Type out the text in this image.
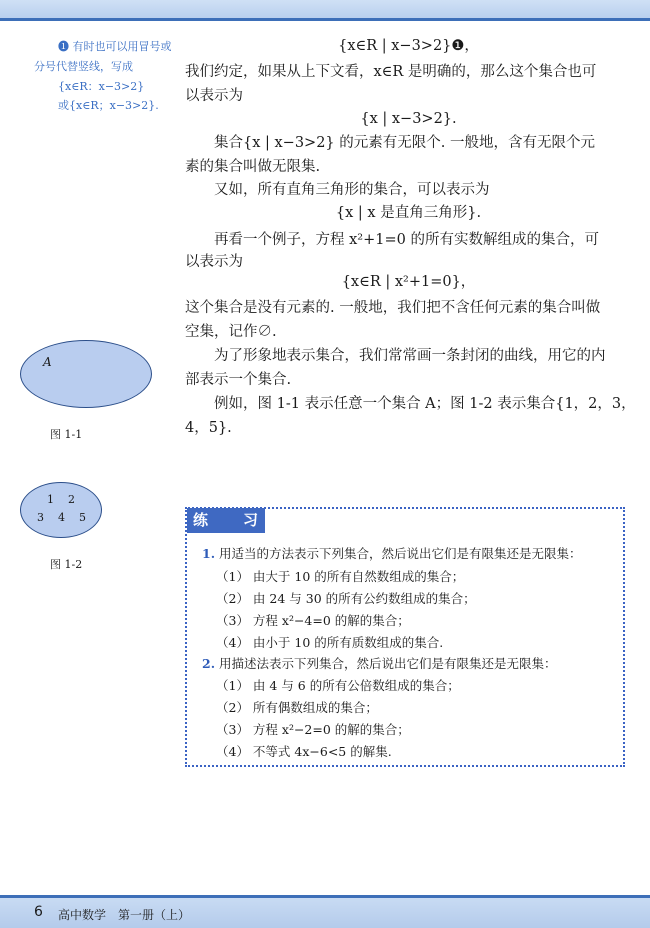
❶ 有时也可以用冒号或
分号代替竖线，写成
{x∈R：x−3>2}
或{x∈R；x−3>2}.
{x∈R | x−3>2}❶，
我们约定，如果从上下文看，x∈R 是明确的，那么这个集合也可
以表示为
{x | x−3>2}.
集合{x | x−3>2} 的元素有无限个. 一般地，含有无限个元
素的集合叫做无限集.
又如，所有直角三角形的集合，可以表示为
{x | x 是直角三角形}.
再看一个例子，方程 x²+1=0 的所有实数解组成的集合，可
以表示为
{x∈R | x²+1=0}，
这个集合是没有元素的. 一般地，我们把不含任何元素的集合叫做
空集，记作∅.
为了形象地表示集合，我们常常画一条封闭的曲线，用它的内
部表示一个集合.
例如，图 1-1 表示任意一个集合 A；图 1-2 表示集合{1，2，3，
4，5}.
A
图 1-1
1    2
3    4    5
图 1-2
练 习
1. 用适当的方法表示下列集合，然后说出它们是有限集还是无限集：
（1） 由大于 10 的所有自然数组成的集合；
（2） 由 24 与 30 的所有公约数组成的集合；
（3） 方程 x²−4=0 的解的集合；
（4） 由小于 10 的所有质数组成的集合.
2. 用描述法表示下列集合，然后说出它们是有限集还是无限集：
（1） 由 4 与 6 的所有公倍数组成的集合；
（2） 所有偶数组成的集合；
（3） 方程 x²−2=0 的解的集合；
（4） 不等式 4x−6<5 的解集.
6 高中数学　第一册（上）
